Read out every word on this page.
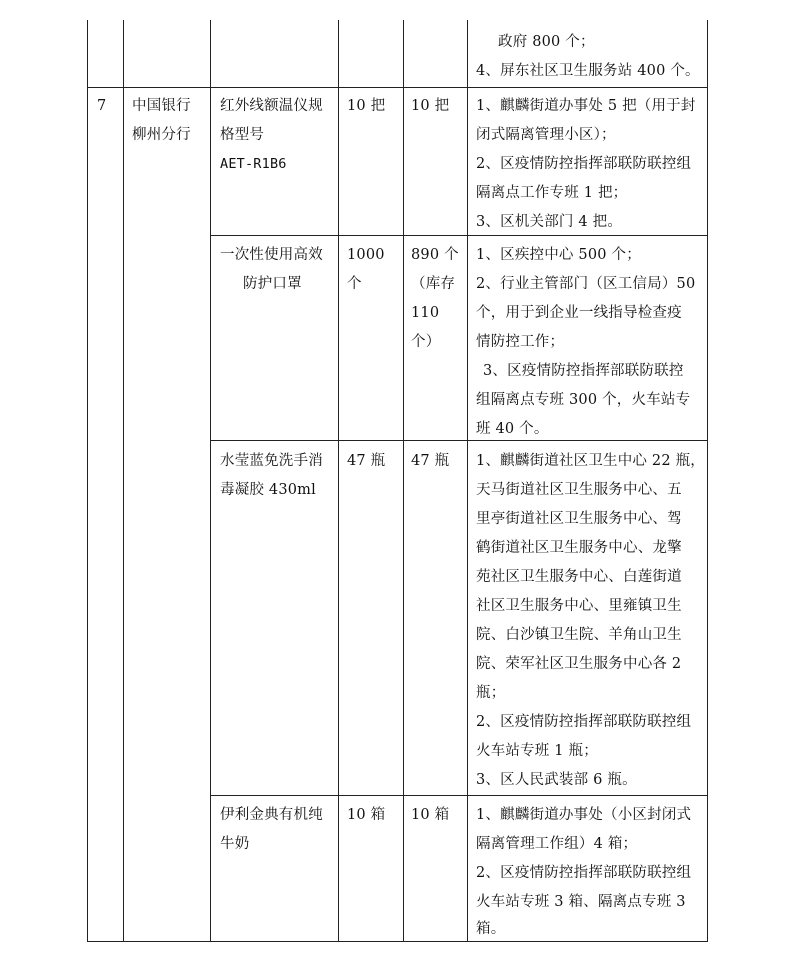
政府 800 个；
4、屏东社区卫生服务站 400 个。
7 中国银行
柳州分行
红外线额温仪规
格型号
AET-R1B6
10 把 10 把 1、麒麟街道办事处 5 把（用于封
闭式隔离管理小区）；
2、区疫情防控指挥部联防联控组
隔离点工作专班 1 把；
3、区机关部门 4 把。
一次性使用高效
防护口罩
1000
个
890 个
（库存
110
个）
1、区疾控中心 500 个；
2、行业主管部门（区工信局）50
个，用于到企业一线指导检查疫
情防控工作；
3、区疫情防控指挥部联防联控
组隔离点专班 300 个，火车站专
班 40 个。
水莹蓝免洗手消
毒凝胶 430ml
47 瓶 47 瓶 1、麒麟街道社区卫生中心 22 瓶，
天马街道社区卫生服务中心、五
里亭街道社区卫生服务中心、驾
鹤街道社区卫生服务中心、龙擎
苑社区卫生服务中心、白莲街道
社区卫生服务中心、里雍镇卫生
院、白沙镇卫生院、羊角山卫生
院、荣军社区卫生服务中心各 2
瓶；
2、区疫情防控指挥部联防联控组
火车站专班 1 瓶；
3、区人民武装部 6 瓶。
伊利金典有机纯
牛奶
10 箱 10 箱 1、麒麟街道办事处（小区封闭式
隔离管理工作组）4 箱；
2、区疫情防控指挥部联防联控组
火车站专班 3 箱、隔离点专班 3
箱。
